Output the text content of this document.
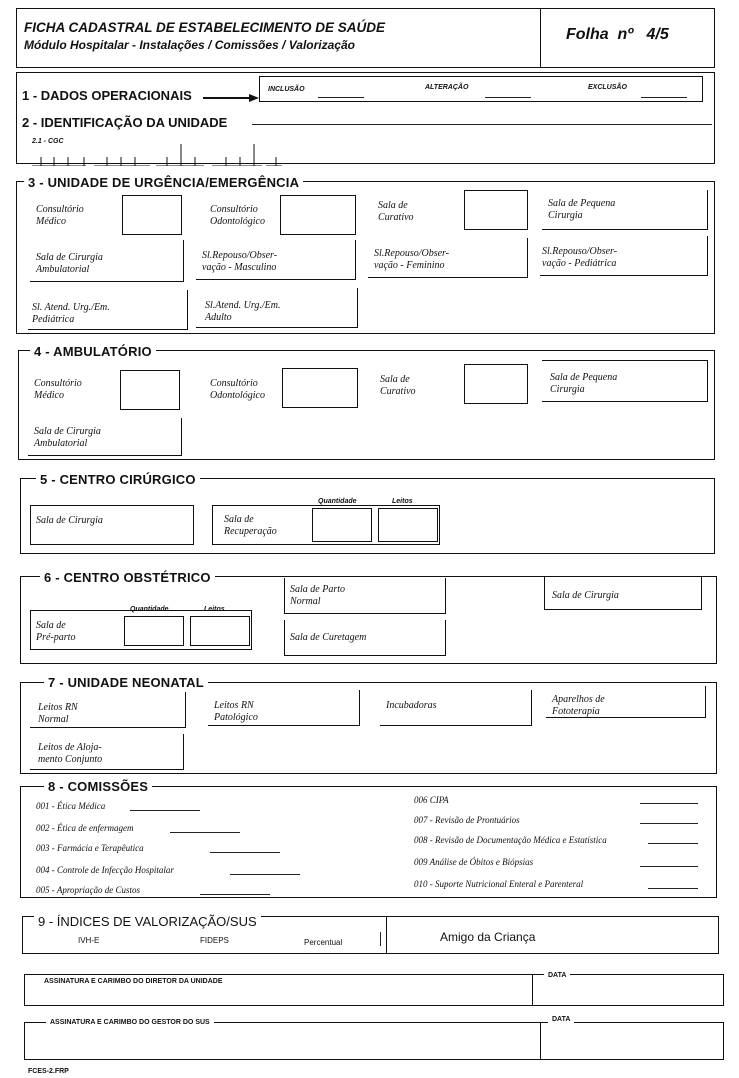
FICHA CADASTRAL DE ESTABELECIMENTO DE SAÚDE
Módulo Hospitalar - Instalações / Comissões / Valorização
Folha  nº   4/5
1 - DADOS OPERACIONAIS	INCLUSÃO	ALTERAÇÃO	EXCLUSÃO
2 - IDENTIFICAÇÃO DA UNIDADE
2.1 - CGC
3 - UNIDADE DE URGÊNCIA/EMERGÊNCIA
Consultório
Médico
Consultório
Odontológico
Sala de
Curativo
Sala de Pequena
Cirurgia
Sala de Cirurgia
Ambulatorial
Sl.Repouso/Obser-
vação - Masculino
Sl.Repouso/Obser-
vação - Feminino
Sl.Repouso/Obser-
vação - Pediátrica
Sl. Atend. Urg./Em.
Pediátrica
Sl.Atend. Urg./Em.
Adulto
4 - AMBULATÓRIO
Consultório
Médico
Consultório
Odontológico
Sala de
Curativo
Sala de Pequena
Cirurgia
Sala de Cirurgia
Ambulatorial
5 - CENTRO CIRÚRGICO
Sala de Cirurgia	Sala de
Recuperação
Quantidade	Leitos
6 - CENTRO OBSTÉTRICO
Sala de
Pré-parto
Quantidade	Leitos
Sala de Parto
Normal
Sala de Curetagem
Sala de Cirurgia
7 - UNIDADE NEONATAL
Leitos RN
Normal
Leitos RN
Patológico
Incubadoras
Aparelhos de
Fototerapia
Leitos de Aloja-
mento Conjunto
8 - COMISSÕES
001 - Ética Médica
002 - Ética de enfermagem
003 - Farmácia e Terapêutica
004 - Controle de Infecção Hospitalar
005 - Apropriação de Custos
006 CIPA
007 - Revisão de Prontuários
008 - Revisão de Documentação Médica e Estatística
009 Análise de Óbitos e Biópsias
010 - Suporte Nutricional Enteral e Parenteral
9 - ÍNDICES DE VALORIZAÇÃO/SUS
IVH-E	FIDEPS	Percentual	Amigo da Criança
ASSINATURA E CARIMBO DO DIRETOR DA UNIDADE
DATA
ASSINATURA E CARIMBO DO GESTOR DO SUS	DATA
FCES-2.FRP
